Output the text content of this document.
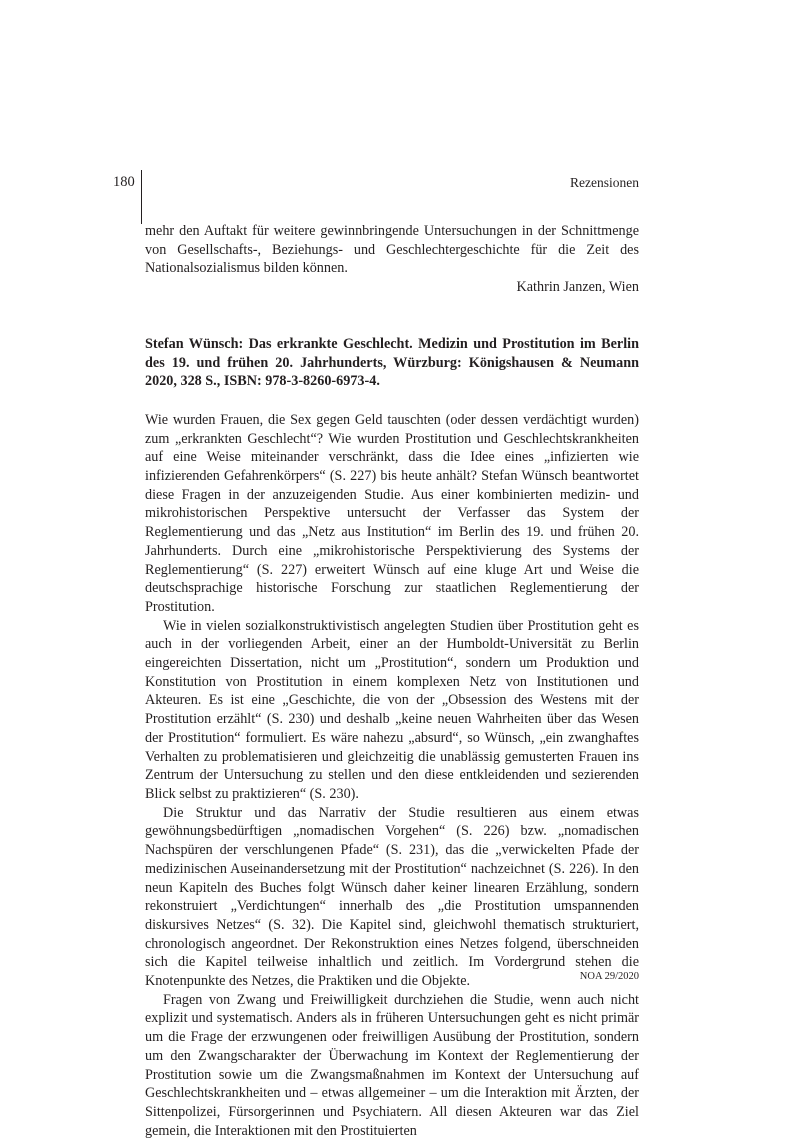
180	Rezensionen

mehr den Auftakt für weitere gewinnbringende Untersuchungen in der Schnittmenge von Gesellschafts-, Beziehungs- und Geschlechtergeschichte für die Zeit des Nationalsozialismus bilden können.

Kathrin Janzen, Wien

Stefan Wünsch: Das erkrankte Geschlecht. Medizin und Prostitution im Berlin des 19. und frühen 20. Jahrhunderts, Würzburg: Königshausen & Neumann 2020, 328 S., ISBN: 978-3-8260-6973-4.

Wie wurden Frauen, die Sex gegen Geld tauschten (oder dessen verdächtigt wurden) zum „erkrankten Geschlecht“? Wie wurden Prostitution und Geschlechtskrankheiten auf eine Weise miteinander verschränkt, dass die Idee eines „infizierten wie infizierenden Gefahrenkörpers“ (S. 227) bis heute anhält? Stefan Wünsch beantwortet diese Fragen in der anzuzeigenden Studie. Aus einer kombinierten medizin- und mikrohistorischen Perspektive untersucht der Verfasser das System der Reglementierung und das „Netz aus Institution“ im Berlin des 19. und frühen 20. Jahrhunderts. Durch eine „mikrohistorische Perspektivierung des Systems der Reglementierung“ (S. 227) erweitert Wünsch auf eine kluge Art und Weise die deutschsprachige historische Forschung zur staatlichen Reglementierung der Prostitution.

Wie in vielen sozialkonstruktivistisch angelegten Studien über Prostitution geht es auch in der vorliegenden Arbeit, einer an der Humboldt-Universität zu Berlin eingereichten Dissertation, nicht um „Prostitution“, sondern um Produktion und Konstitution von Prostitution in einem komplexen Netz von Institutionen und Akteuren. Es ist eine „Geschichte, die von der „Obsession des Westens mit der Prostitution erzählt“ (S. 230) und deshalb „keine neuen Wahrheiten über das Wesen der Prostitution“ formuliert. Es wäre nahezu „absurd“, so Wünsch, „ein zwanghaftes Verhalten zu problematisieren und gleichzeitig die unablässig gemusterten Frauen ins Zentrum der Untersuchung zu stellen und den diese entkleidenden und sezierenden Blick selbst zu praktizieren“ (S. 230).

Die Struktur und das Narrativ der Studie resultieren aus einem etwas gewöhnungsbedürftigen „nomadischen Vorgehen“ (S. 226) bzw. „nomadischen Nachspüren der verschlungenen Pfade“ (S. 231), das die „verwickelten Pfade der medizinischen Auseinandersetzung mit der Prostitution“ nachzeichnet (S. 226). In den neun Kapiteln des Buches folgt Wünsch daher keiner linearen Erzählung, sondern rekonstruiert „Verdichtungen“ innerhalb des „die Prostitution umspannenden diskursives Netzes“ (S. 32). Die Kapitel sind, gleichwohl thematisch strukturiert, chronologisch angeordnet. Der Rekonstruktion eines Netzes folgend, überschneiden sich die Kapitel teilweise inhaltlich und zeitlich. Im Vordergrund stehen die Knotenpunkte des Netzes, die Praktiken und die Objekte.

Fragen von Zwang und Freiwilligkeit durchziehen die Studie, wenn auch nicht explizit und systematisch. Anders als in früheren Untersuchungen geht es nicht primär um die Frage der erzwungenen oder freiwilligen Ausübung der Prostitution, sondern um den Zwangscharakter der Überwachung im Kontext der Reglementierung der Prostitution sowie um die Zwangsmaßnahmen im Kontext der Untersuchung auf Geschlechtskrankheiten und – etwas allgemeiner – um die Interaktion mit Ärzten, der Sittenpolizei, Fürsorgerinnen und Psychiatern. All diesen Akteuren war das Ziel gemein, die Interaktionen mit den Prostituierten

NOA 29/2020
